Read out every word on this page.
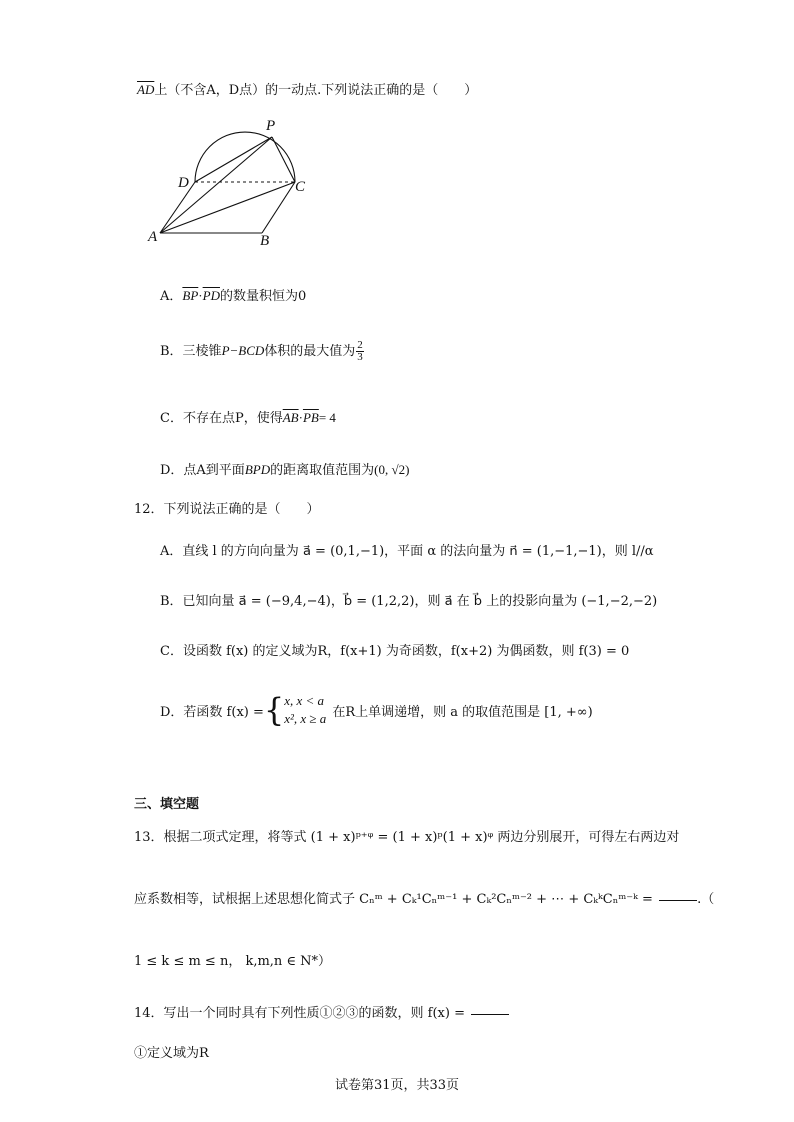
$\overline{AD}$上（不含A，D点）的一动点.下列说法正确的是（　　）
P
D	C
A	B
A．$\overline{BP}\cdot\overline{PD}$的数量积恒为0
B．三棱锥P−BCD体积的最大值为 $\frac{2}{3}$
C．不存在点P，使得$\overline{AB}\cdot\overline{PB}= 4$
D．点A到平面BPD的距离取值范围为(0, √2)
12．下列说法正确的是（　　）
A．直线 l 的方向向量为 a⃗ = (0,1,−1)，平面 α 的法向量为 n⃗ = (1,−1,−1)，则 l//α
B．已知向量 a⃗ = (−9,4,−4)，b⃗ = (1,2,2)，则 a⃗ 在 b⃗ 上的投影向量为 (−1,−2,−2)
C．设函数 f(x) 的定义域为R，f(x+1) 为奇函数，f(x+2) 为偶函数，则 f(3) = 0
D．若函数 f(x) = { x, x < a
x², x ≥ a 在R上单调递增，则 a 的取值范围是 [1, +∞)
三、填空题
13．根据二项式定理，将等式 (1 + x)ᵖ⁺ᵠ = (1 + x)ᵖ(1 + x)ᵠ 两边分别展开，可得左右两边对
应系数相等，试根据上述思想化简式子 Cₙᵐ + Cₖ¹Cₙᵐ⁻¹ + Cₖ²Cₙᵐ⁻² + ⋯ + CₖᵏCₙᵐ⁻ᵏ =	.（
1 ≤ k ≤ m ≤ n， k,m,n ∈ N*）
14．写出一个同时具有下列性质①②③的函数，则 f(x) =
①定义域为R
试卷第31页，共33页
